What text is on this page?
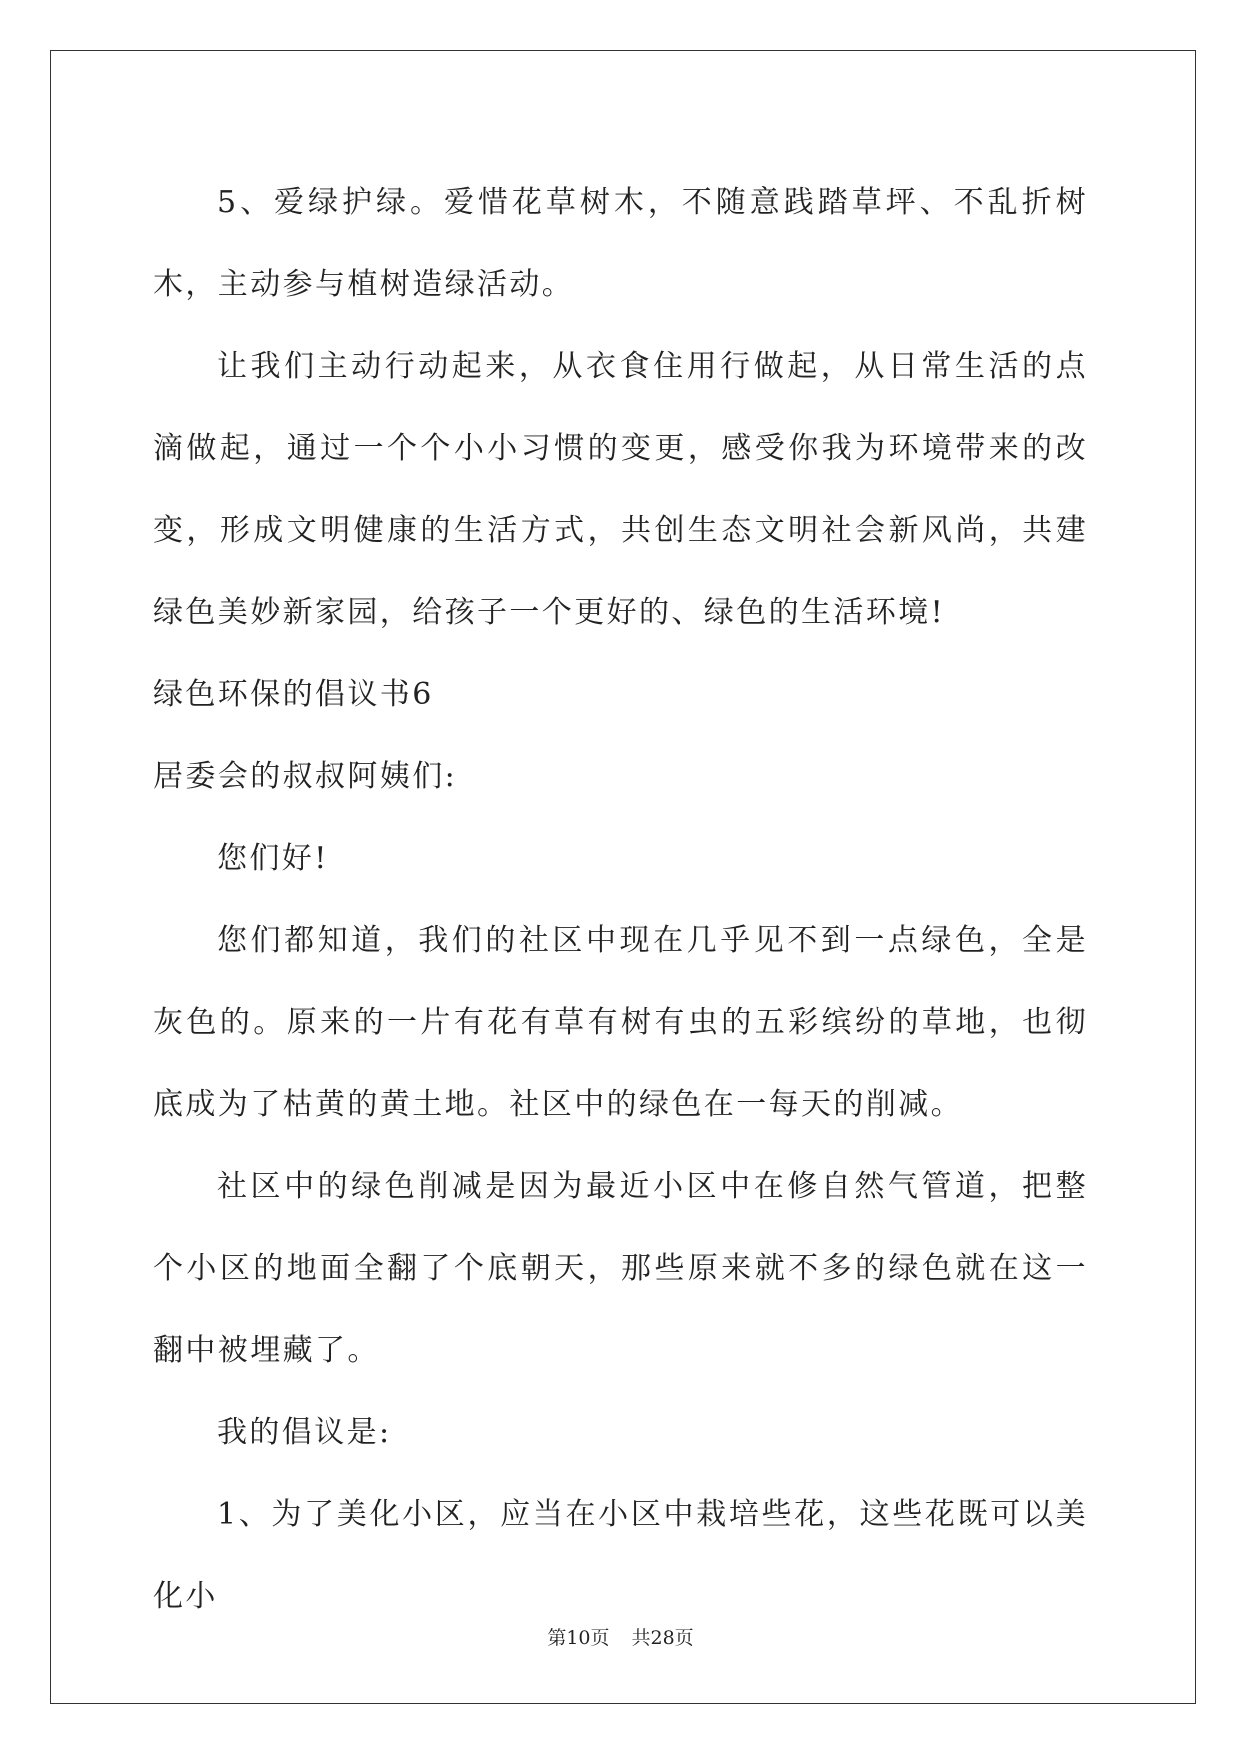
5、爱绿护绿。爱惜花草树木，不随意践踏草坪、不乱折树木，主动参与植树造绿活动。

让我们主动行动起来，从衣食住用行做起，从日常生活的点滴做起，通过一个个小小习惯的变更，感受你我为环境带来的改变，形成文明健康的生活方式，共创生态文明社会新风尚，共建绿色美妙新家园，给孩子一个更好的、绿色的生活环境!

绿色环保的倡议书6

居委会的叔叔阿姨们:

您们好!

您们都知道，我们的社区中现在几乎见不到一点绿色，全是灰色的。原来的一片有花有草有树有虫的五彩缤纷的草地，也彻底成为了枯黄的黄土地。社区中的绿色在一每天的削减。

社区中的绿色削减是因为最近小区中在修自然气管道，把整个小区的地面全翻了个底朝天，那些原来就不多的绿色就在这一翻中被埋藏了。

我的倡议是:

1、为了美化小区，应当在小区中栽培些花，这些花既可以美化小

第10页 共28页
